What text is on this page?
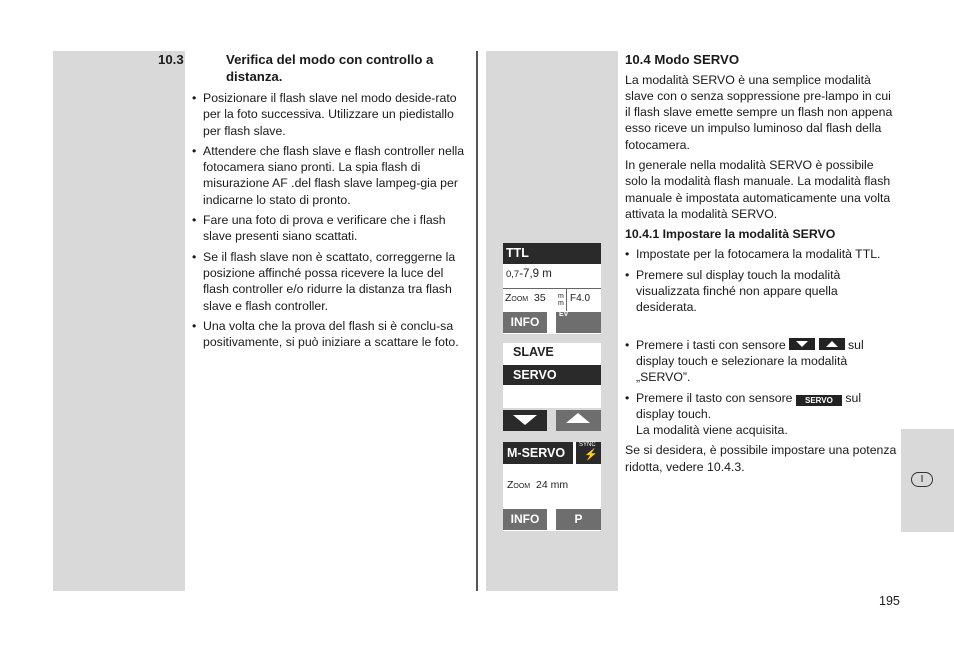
10.3	Verifica del modo con controllo a distanza.
• Posizionare il flash slave nel modo deside-rato per la foto successiva. Utilizzare un piedistallo per flash slave.
• Attendere che flash slave e flash controller nella fotocamera siano pronti. La spia flash di misurazione AF .del flash slave lampeg-gia per indicarne lo stato di pronto.
• Fare una foto di prova e verificare che i flash slave presenti siano scattati.
• Se il flash slave non è scattato, correggerne la posizione affinché possa ricevere la luce del flash controller e/o ridurre la distanza tra flash slave e flash controller.
• Una volta che la prova del flash si è conclu-sa positivamente, si può iniziare a scattare le foto.
10.4 Modo SERVO

La modalità SERVO è una semplice modalità slave con o senza soppressione pre-lampo in cui il flash slave emette sempre un flash non appena esso riceve un impulso luminoso dal flash della fotocamera.

In generale nella modalità SERVO è possibile solo la modalità flash manuale. La modalità flash manuale è impostata automaticamente una volta attivata la modalità SERVO.

10.4.1 Impostare la modalità SERVO
• Impostate per la fotocamera la modalità TTL.
• Premere sul display touch la modalità visualizzata finché non appare quella desiderata.
• Premere i tasti con sensore
	sul display touch e selezionare la modalità „SERVO”.
• Premere il tasto con sensore SERVO sul display touch.
La modalità viene acquisita.

Se si desidera, è possibile impostare una potenza ridotta, vedere 10.4.3.

TTL
0,7-7,9 m
Zoom 35 m
m F4.0
INFO
EV
SLAVE
SERVO
M-SERVO
SYNC
⚡
Zoom 24 mm
INFO	P
I
195
